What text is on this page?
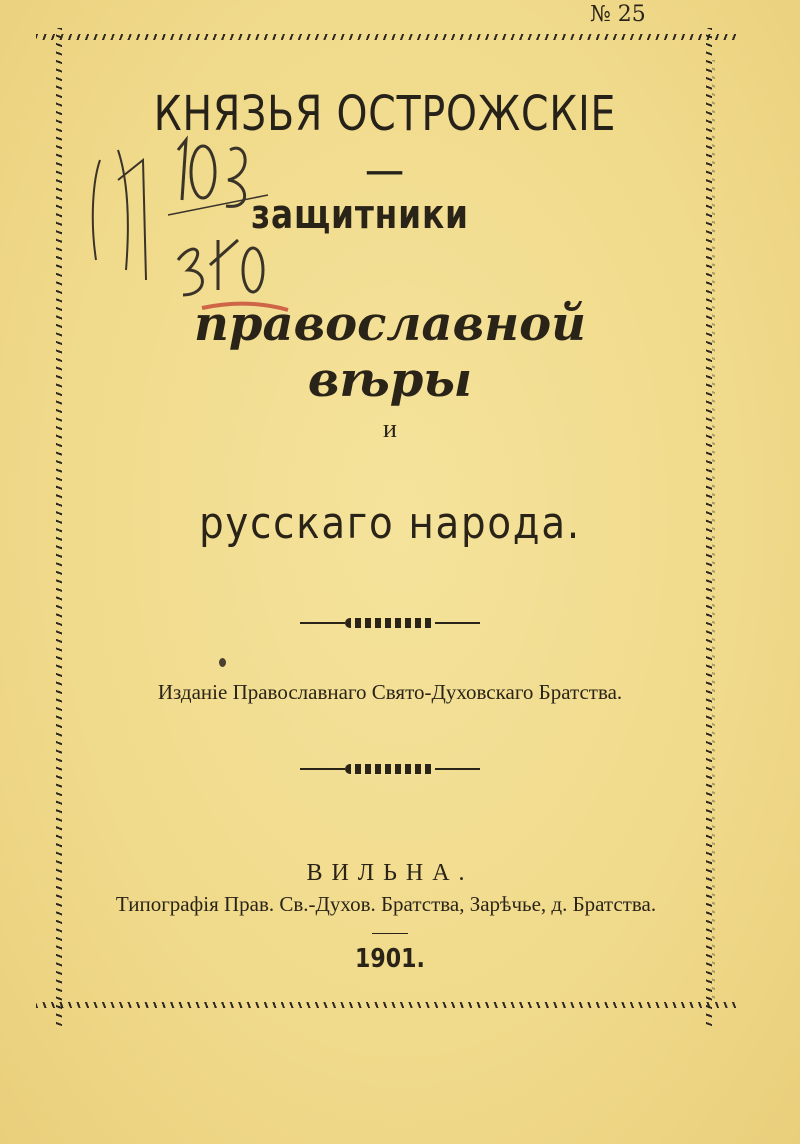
№ 25
КНЯЗЬЯ ОСТРОЖСКІЕ—
защитники
православной вѣры
и
русскаго народа.
Изданіе Православнаго Свято-Духовскаго Братства.
ВИЛЬНА.
Типографія Прав. Св.-Духов. Братства, Зарѣчье, д. Братства.
1901.
